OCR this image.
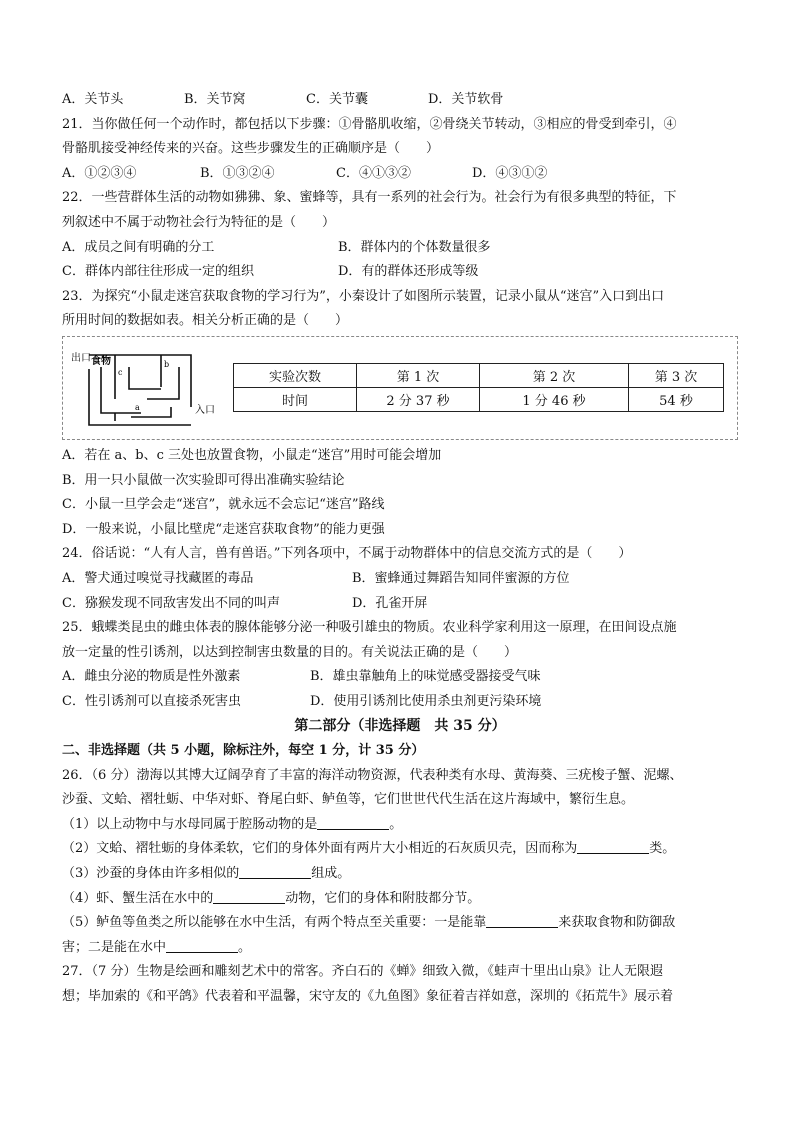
A．关节头	B．关节窝	C．关节囊	D．关节软骨
21．当你做任何一个动作时，都包括以下步骤：①骨骼肌收缩，②骨绕关节转动，③相应的骨受到牵引，④
骨骼肌接受神经传来的兴奋。这些步骤发生的正确顺序是（　　）
A．①②③④	B．①③②④	C．④①③②	D．④③①②
22．一些营群体生活的动物如狒狒、象、蜜蜂等，具有一系列的社会行为。社会行为有很多典型的特征，下
列叙述中不属于动物社会行为特征的是（　　）
A．成员之间有明确的分工	B．群体内的个体数量很多
C．群体内部往往形成一定的组织	D．有的群体还形成等级
23．为探究“小鼠走迷宫获取食物的学习行为”，小秦设计了如图所示装置，记录小鼠从“迷宫”入口到出口
所用时间的数据如表。相关分析正确的是（　　）
出口 食物
c
b
a	入口
实验次数	第 1 次	第 2 次	第 3 次
时间	2 分 37 秒	1 分 46 秒	54 秒
A．若在 a、b、c 三处也放置食物，小鼠走“迷宫”用时可能会增加
B．用一只小鼠做一次实验即可得出准确实验结论
C．小鼠一旦学会走“迷宫”，就永远不会忘记“迷宫”路线
D．一般来说，小鼠比壁虎“走迷宫获取食物”的能力更强
24．俗话说：“人有人言，兽有兽语。”下列各项中，不属于动物群体中的信息交流方式的是（　　）
A．警犬通过嗅觉寻找藏匿的毒品	B．蜜蜂通过舞蹈告知同伴蜜源的方位
C．猕猴发现不同敌害发出不同的叫声	D．孔雀开屏
25．蛾蝶类昆虫的雌虫体表的腺体能够分泌一种吸引雄虫的物质。农业科学家利用这一原理，在田间设点施
放一定量的性引诱剂，以达到控制害虫数量的目的。有关说法正确的是（　　）
A．雌虫分泌的物质是性外激素	B．雄虫靠触角上的味觉感受器接受气味
C．性引诱剂可以直接杀死害虫	D．使用引诱剂比使用杀虫剂更污染环境
第二部分（非选择题　共 35 分）
二、非选择题（共 5 小题，除标注外，每空 1 分，计 35 分）
26．（6 分）渤海以其博大辽阔孕育了丰富的海洋动物资源，代表种类有水母、黄海葵、三疣梭子蟹、泥螺、
沙蚕、文蛤、褶牡蛎、中华对虾、脊尾白虾、鲈鱼等，它们世世代代生活在这片海域中，繁衍生息。
（1）以上动物中与水母同属于腔肠动物的是	。
（2）文蛤、褶牡蛎的身体柔软，它们的身体外面有两片大小相近的石灰质贝壳，因而称为	类。
（3）沙蚕的身体由许多相似的	组成。
（4）虾、蟹生活在水中的	动物，它们的身体和附肢都分节。
（5）鲈鱼等鱼类之所以能够在水中生活，有两个特点至关重要：一是能靠	来获取食物和防御敌
害；二是能在水中	。
27．（7 分）生物是绘画和雕刻艺术中的常客。齐白石的《蝉》细致入微，《蛙声十里出山泉》让人无限遐
想；毕加索的《和平鸽》代表着和平温馨，宋守友的《九鱼图》象征着吉祥如意，深圳的《拓荒牛》展示着
